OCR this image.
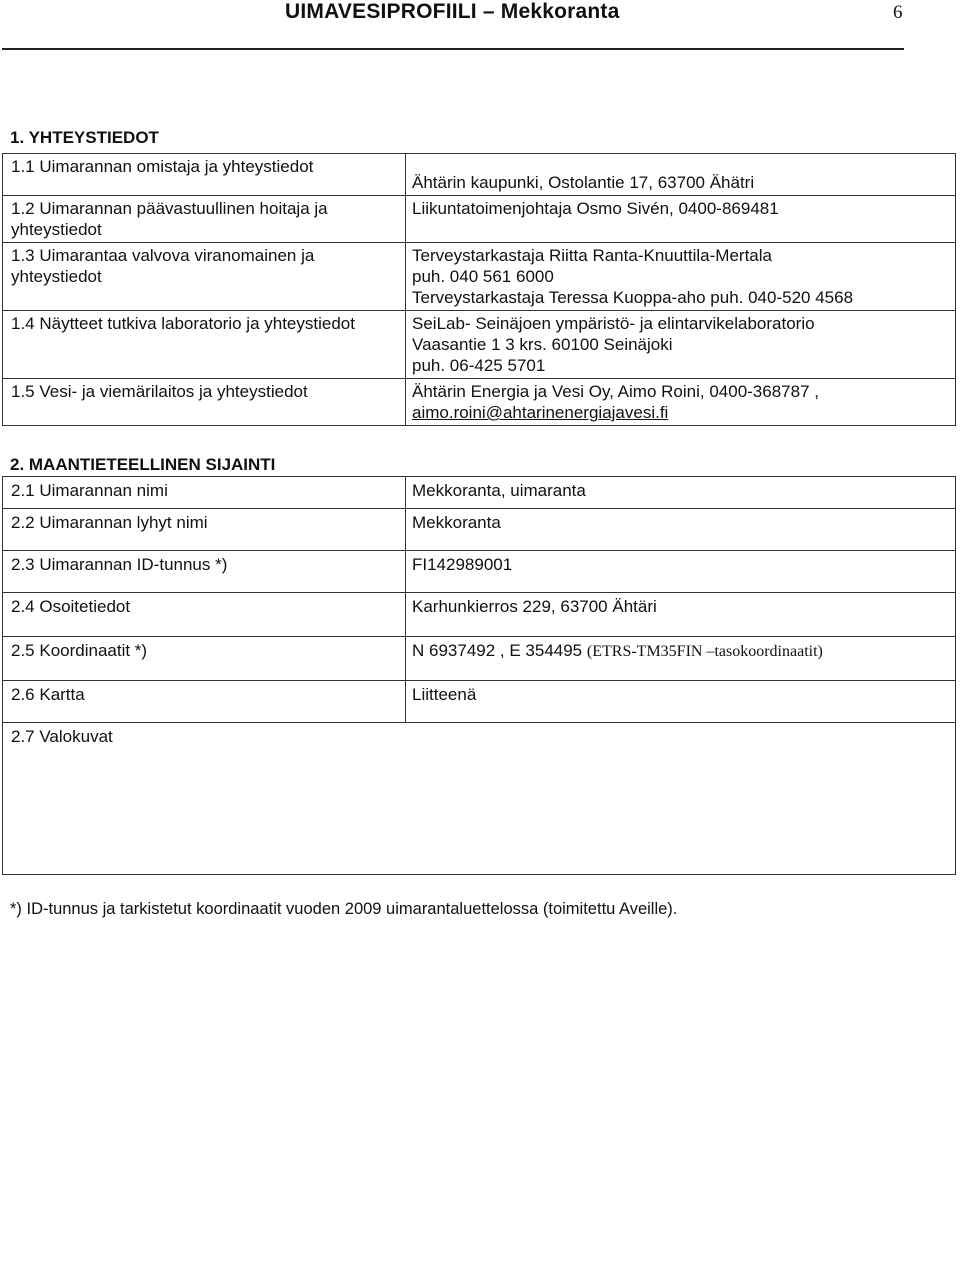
UIMAVESIPROFIILI – Mekkoranta	6
1. YHTEYSTIEDOT
1.1 Uimarannan omistaja ja yhteystiedot	Ähtärin kaupunki, Ostolantie 17, 63700 Ähätri
1.2 Uimarannan päävastuullinen hoitaja ja yhteystiedot	Liikuntatoimenjohtaja Osmo Sivén, 0400-869481
1.3 Uimarantaa valvova viranomainen ja yhteystiedot	Terveystarkastaja Riitta Ranta-Knuuttila-Mertala
puh. 040 561 6000
Terveystarkastaja Teressa Kuoppa-aho puh. 040-520 4568

1.4 Näytteet tutkiva laboratorio ja yhteystiedot	SeiLab- Seinäjoen ympäristö- ja elintarvikelaboratorio
Vaasantie 1 3 krs. 60100 Seinäjoki
puh. 06-425 5701

1.5 Vesi- ja viemärilaitos ja yhteystiedot	Ähtärin Energia ja Vesi Oy, Aimo Roini, 0400-368787 ,
aimo.roini@ahtarinenergiajavesi.fi
2. MAANTIETEELLINEN SIJAINTI
2.1 Uimarannan nimi	Mekkoranta, uimaranta
2.2 Uimarannan lyhyt nimi	Mekkoranta
2.3 Uimarannan ID-tunnus *)	FI142989001
2.4 Osoitetiedot	Karhunkierros 229, 63700 Ähtäri
2.5 Koordinaatit *)	N 6937492 , E 354495 (ETRS-TM35FIN –tasokoordinaatit)
2.6 Kartta	Liitteenä
2.7 Valokuvat	
*) ID-tunnus ja tarkistetut koordinaatit vuoden 2009 uimarantaluettelossa (toimitettu Aveille).
